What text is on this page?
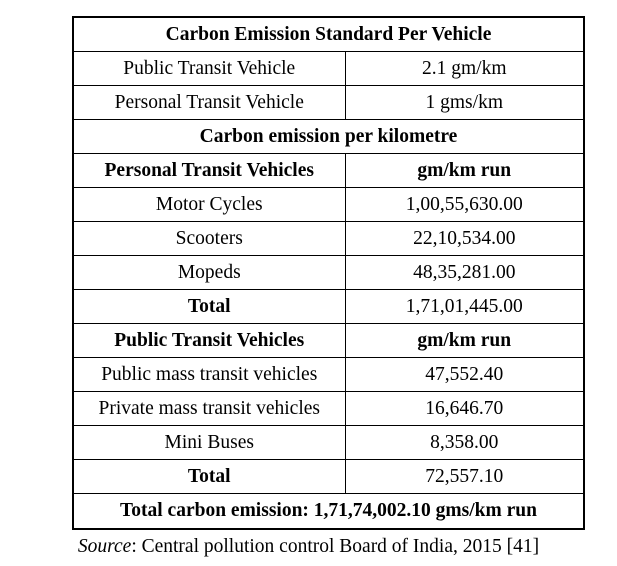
Carbon Emission Standard Per Vehicle	
Public Transit Vehicle	2.1 gm/km
Personal Transit Vehicle	1 gms/km
Carbon emission per kilometre	
Personal Transit Vehicles	gm/km run
Motor Cycles	1,00,55,630.00
Scooters	22,10,534.00
Mopeds	48,35,281.00
Total	1,71,01,445.00
Public Transit Vehicles	gm/km run
Public mass transit vehicles	47,552.40
Private mass transit vehicles	16,646.70
Mini Buses	8,358.00
Total	72,557.10
Total carbon emission: 1,71,74,002.10 gms/km run	
Source: Central pollution control Board of India, 2015 [41]
